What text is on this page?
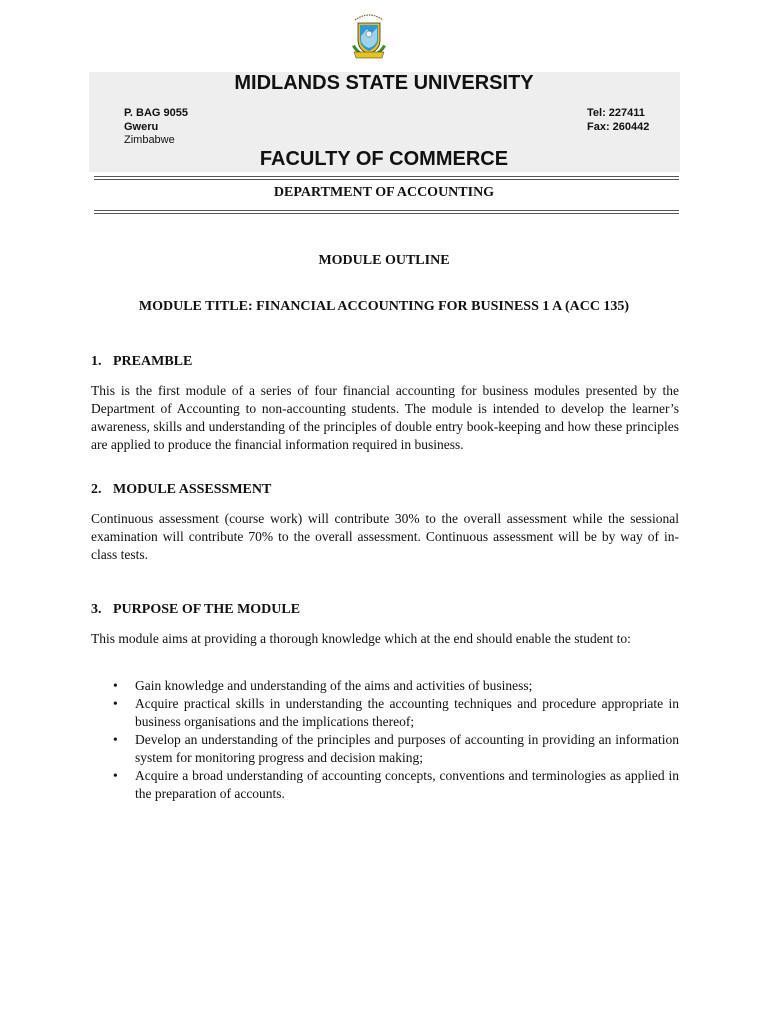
MIDLANDS STATE UNIVERSITY
P. BAG 9055
Gweru
Zimbabwe
Tel: 227411
Fax: 260442
FACULTY OF COMMERCE
DEPARTMENT OF ACCOUNTING
MODULE OUTLINE
MODULE TITLE: FINANCIAL ACCOUNTING FOR BUSINESS 1 A (ACC 135)
1. PREAMBLE

This is the first module of a series of four financial accounting for business modules presented by the Department of Accounting to non-accounting students. The module is intended to develop the learner’s awareness, skills and understanding of the principles of double entry book-keeping and how these principles are applied to produce the financial information required in business.

2. MODULE ASSESSMENT

Continuous assessment (course work) will contribute 30% to the overall assessment while the sessional examination will contribute 70% to the overall assessment. Continuous assessment will be by way of in-class tests.

3. PURPOSE OF THE MODULE

This module aims at providing a thorough knowledge which at the end should enable the student to:

• Gain knowledge and understanding of the aims and activities of business;
• Acquire practical skills in understanding the accounting techniques and procedure appropriate in business organisations and the implications thereof;
• Develop an understanding of the principles and purposes of accounting in providing an information system for monitoring progress and decision making;
• Acquire a broad understanding of accounting concepts, conventions and terminologies as applied in the preparation of accounts.
